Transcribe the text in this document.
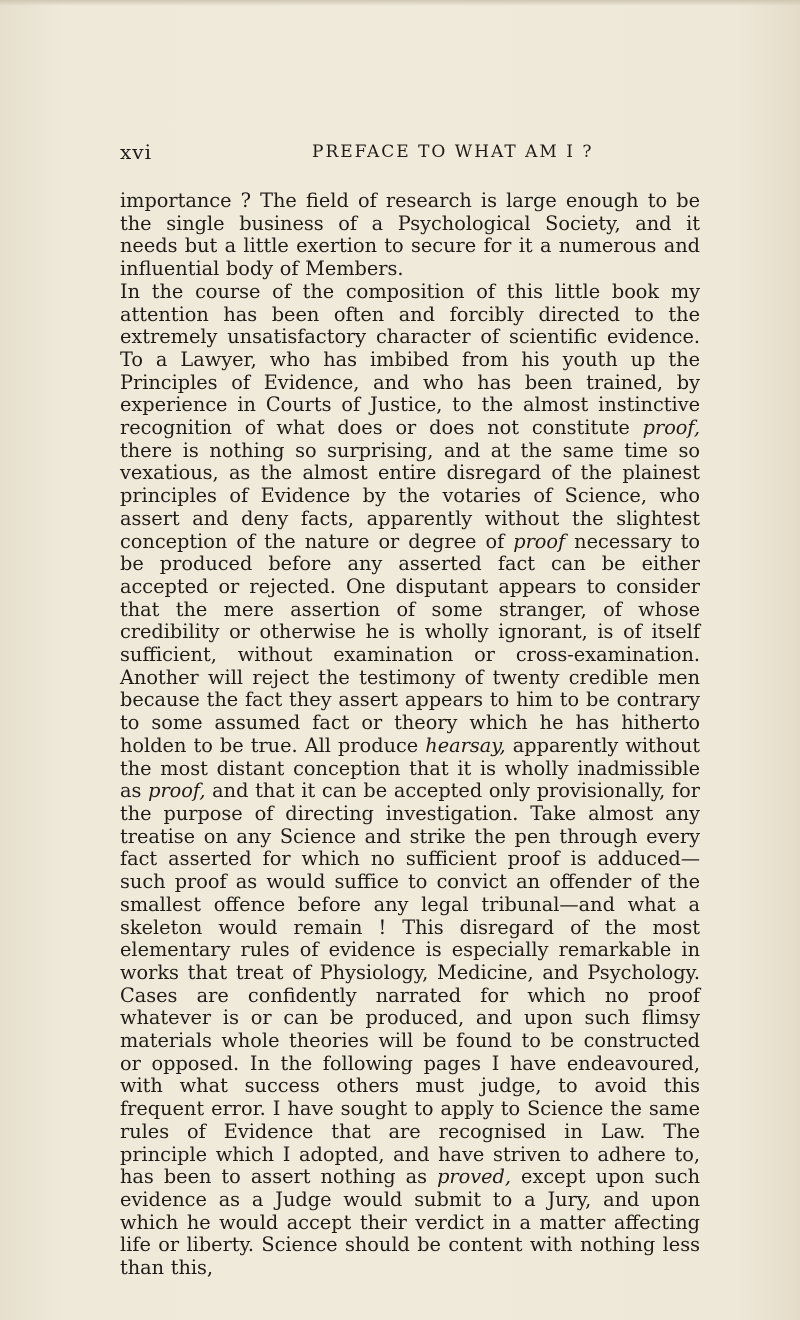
xvi	PREFACE TO WHAT AM I ?

importance ? The field of research is large enough to be the single business of a Psychological Society, and it needs but a little exertion to secure for it a numerous and influential body of Members.

In the course of the composition of this little book my attention has been often and forcibly directed to the extremely unsatisfactory character of scientific evidence. To a Lawyer, who has imbibed from his youth up the Principles of Evidence, and who has been trained, by experience in Courts of Justice, to the almost instinctive recognition of what does or does not constitute proof, there is nothing so surprising, and at the same time so vexatious, as the almost entire disregard of the plainest principles of Evidence by the votaries of Science, who assert and deny facts, apparently without the slightest conception of the nature or degree of proof necessary to be produced before any asserted fact can be either accepted or rejected. One disputant appears to consider that the mere assertion of some stranger, of whose credibility or otherwise he is wholly ignorant, is of itself sufficient, without examination or cross-examination. Another will reject the testimony of twenty credible men because the fact they assert appears to him to be contrary to some assumed fact or theory which he has hitherto holden to be true. All produce hearsay, apparently without the most distant conception that it is wholly inadmissible as proof, and that it can be accepted only provisionally, for the purpose of directing investigation. Take almost any treatise on any Science and strike the pen through every fact asserted for which no sufficient proof is adduced—such proof as would suffice to convict an offender of the smallest offence before any legal tribunal—and what a skeleton would remain ! This disregard of the most elementary rules of evidence is especially remarkable in works that treat of Physiology, Medicine, and Psychology. Cases are confidently narrated for which no proof whatever is or can be produced, and upon such flimsy materials whole theories will be found to be constructed or opposed. In the following pages I have endeavoured, with what success others must judge, to avoid this frequent error. I have sought to apply to Science the same rules of Evidence that are recognised in Law. The principle which I adopted, and have striven to adhere to, has been to assert nothing as proved, except upon such evidence as a Judge would submit to a Jury, and upon which he would accept their verdict in a matter affecting life or liberty. Science should be content with nothing less than this,
